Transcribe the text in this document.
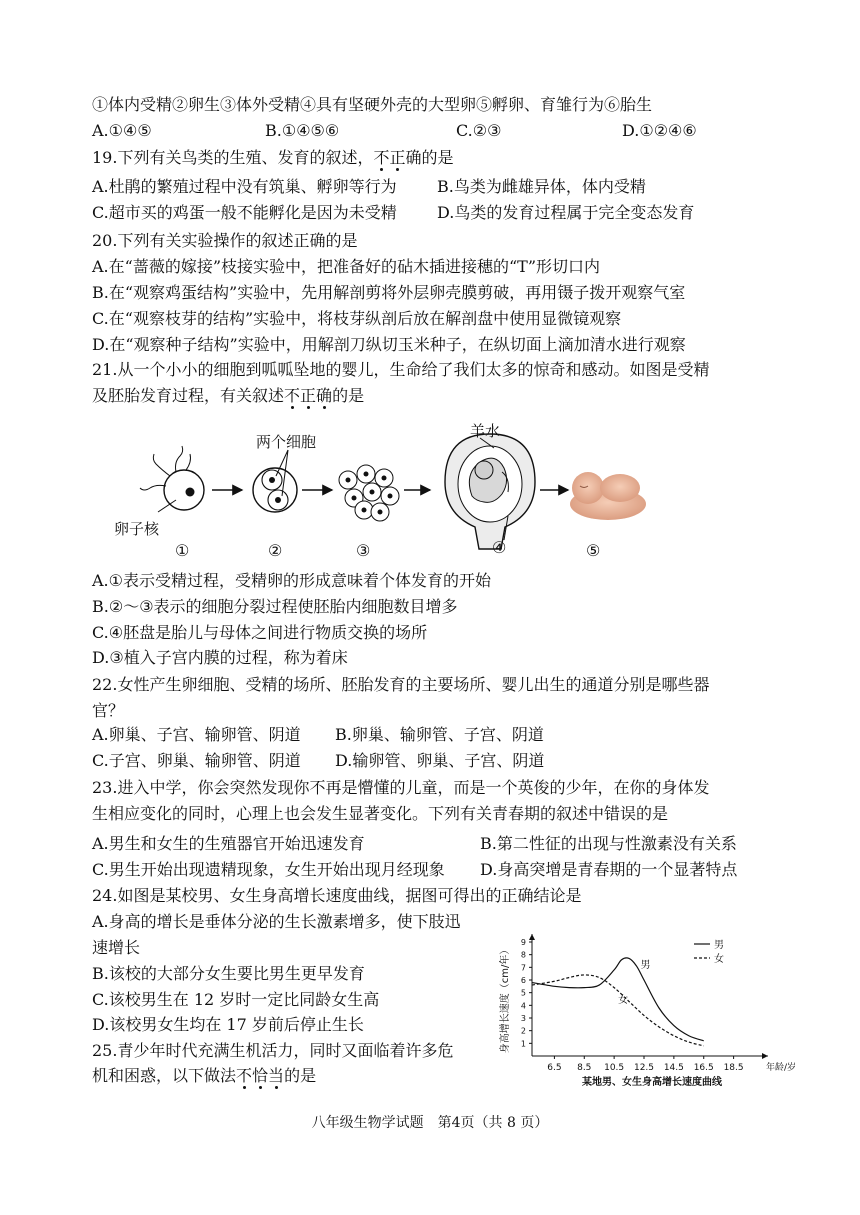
①体内受精②卵生③体外受精④具有坚硬外壳的大型卵⑤孵卵、育雏行为⑥胎生
A.①④⑤	B.①④⑤⑥	C.②③	D.①②④⑥
19.下列有关鸟类的生殖、发育的叙述，不正确的是
A.杜鹃的繁殖过程中没有筑巢、孵卵等行为	B.鸟类为雌雄异体，体内受精
C.超市买的鸡蛋一般不能孵化是因为未受精	D.鸟类的发育过程属于完全变态发育
20.下列有关实验操作的叙述正确的是
A.在“蔷薇的嫁接”枝接实验中，把准备好的砧木插进接穗的“T”形切口内
B.在“观察鸡蛋结构”实验中，先用解剖剪将外层卵壳膜剪破，再用镊子拨开观察气室
C.在“观察枝芽的结构”实验中，将枝芽纵剖后放在解剖盘中使用显微镜观察
D.在“观察种子结构”实验中，用解剖刀纵切玉米种子，在纵切面上滴加清水进行观察
21.从一个小小的细胞到呱呱坠地的婴儿，生命给了我们太多的惊奇和感动。如图是受精
及胚胎发育过程，有关叙述不正确的是
两个细胞
羊水
卵子核
①	②	③	④	⑤
A.①表示受精过程，受精卵的形成意味着个体发育的开始
B.②～③表示的细胞分裂过程使胚胎内细胞数目增多
C.④胚盘是胎儿与母体之间进行物质交换的场所
D.③植入子宫内膜的过程，称为着床
22.女性产生卵细胞、受精的场所、胚胎发育的主要场所、婴儿出生的通道分别是哪些器
官？
A.卵巢、子宫、输卵管、阴道 B.卵巢、输卵管、子宫、阴道
C.子宫、卵巢、输卵管、阴道 D.输卵管、卵巢、子宫、阴道
23.进入中学，你会突然发现你不再是懵懂的儿童，而是一个英俊的少年，在你的身体发
生相应变化的同时，心理上也会发生显著变化。下列有关青春期的叙述中错误的是
A.男生和女生的生殖器官开始迅速发育	B.第二性征的出现与性激素没有关系
C.男生开始出现遗精现象，女生开始出现月经现象 D.身高突增是青春期的一个显著特点
24.如图是某校男、女生身高增长速度曲线，据图可得出的正确结论是
A.身高的增长是垂体分泌的生长激素增多，使下肢迅
速增长
B.该校的大部分女生要比男生更早发育
C.该校男生在 12 岁时一定比同龄女生高
D.该校男女生均在 17 岁前后停止生长
25.青少年时代充满生机活力，同时又面临着许多危
机和困惑，以下做法不恰当的是
1
2
3
4
5
6
7
8
9
6.5 8.5 10.5 12.5 14.5 16.5 18.5 年龄/岁
身高增长速度（cm/年）	男
女
男
女
某地男、女生身高增长速度曲线
八年级生物学试题　第4页（共 8 页）
